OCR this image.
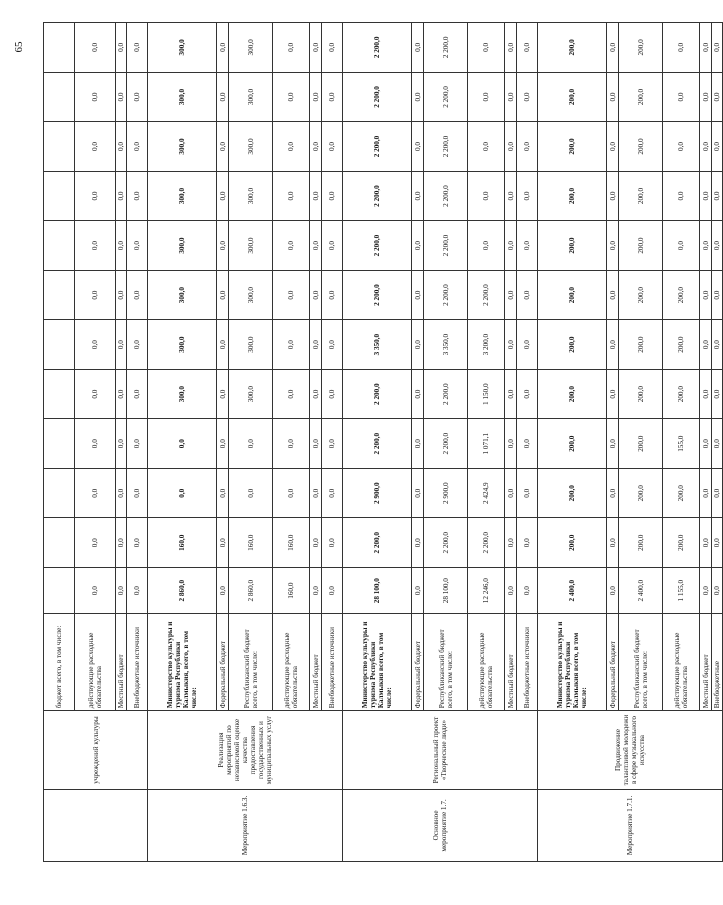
65
	учреждений культуры	бюджет всего, в том числе:												
		действующие расходные обязательства	0,0	0,0	0,0	0,0	0,0	0,0	0,0	0,0	0,0	0,0	0,0	0,0
		Местный бюджет	0,0	0,0	0,0	0,0	0,0	0,0	0,0	0,0	0,0	0,0	0,0	0,0
		Внебюджетные источники	0,0	0,0	0,0	0,0	0,0	0,0	0,0	0,0	0,0	0,0	0,0	0,0
Мероприятие 1.6.3.	Реализация мероприятий по независимой оценке качества предоставления государственных и муниципальных услуг	Министерство культуры и туризма Республики Калмыкия, всего, в том числе:	2 860,0	160,0	0,0	0,0	300,0	300,0	300,0	300,0	300,0	300,0	300,0	300,0
		Федеральный бюджет	0,0	0,0	0,0	0,0	0,0	0,0	0,0	0,0	0,0	0,0	0,0	0,0
		Республиканский бюджет всего, в том числе:	2 860,0	160,0	0,0	0,0	300,0	300,0	300,0	300,0	300,0	300,0	300,0	300,0
		действующие расходные обязательства	160,0	160,0	0,0	0,0	0,0	0,0	0,0	0,0	0,0	0,0	0,0	0,0
		Местный бюджет	0,0	0,0	0,0	0,0	0,0	0,0	0,0	0,0	0,0	0,0	0,0	0,0
		Внебюджетные источники	0,0	0,0	0,0	0,0	0,0	0,0	0,0	0,0	0,0	0,0	0,0	0,0
Основное мероприятие 1.7.	Региональный проект «Творческие люди»	Министерство культуры и туризма Республики Калмыкия всего, в том числе:	28 100,0	2 200,0	2 900,0	2 200,0	2 200,0	3 350,0	2 200,0	2 200,0	2 200,0	2 200,0	2 200,0	2 200,0
		Федеральный бюджет	0,0	0,0	0,0	0,0	0,0	0,0	0,0	0,0	0,0	0,0	0,0	0,0
		Республиканский бюджет всего, в том числе:	28 100,0	2 200,0	2 900,0	2 200,0	2 200,0	3 350,0	2 200,0	2 200,0	2 200,0	2 200,0	2 200,0	2 200,0
		действующие расходные обязательства	12 246,0	2 200,0	2 424,9	1 071,1	1 150,0	3 200,0	2 200,0	0,0	0,0	0,0	0,0	0,0
		Местный бюджет	0,0	0,0	0,0	0,0	0,0	0,0	0,0	0,0	0,0	0,0	0,0	0,0
		Внебюджетные источники	0,0	0,0	0,0	0,0	0,0	0,0	0,0	0,0	0,0	0,0	0,0	0,0
Мероприятие 1.7.1.	Продвижение талантливой молодежи в сфере музыкального искусства	Министерство культуры и туризма Республики Калмыкия всего, в том числе:	2 400,0	200,0	200,0	200,0	200,0	200,0	200,0	200,0	200,0	200,0	200,0	200,0
		Федеральный бюджет	0,0	0,0	0,0	0,0	0,0	0,0	0,0	0,0	0,0	0,0	0,0	0,0
		Республиканский бюджет всего, в том числе:	2 400,0	200,0	200,0	200,0	200,0	200,0	200,0	200,0	200,0	200,0	200,0	200,0
		действующие расходные обязательства	1 155,0	200,0	200,0	155,0	200,0	200,0	200,0	0,0	0,0	0,0	0,0	0,0
		Местный бюджет	0,0	0,0	0,0	0,0	0,0	0,0	0,0	0,0	0,0	0,0	0,0	0,0
		Внебюджетные	0,0	0,0	0,0	0,0	0,0	0,0	0,0	0,0	0,0	0,0	0,0	0,0
